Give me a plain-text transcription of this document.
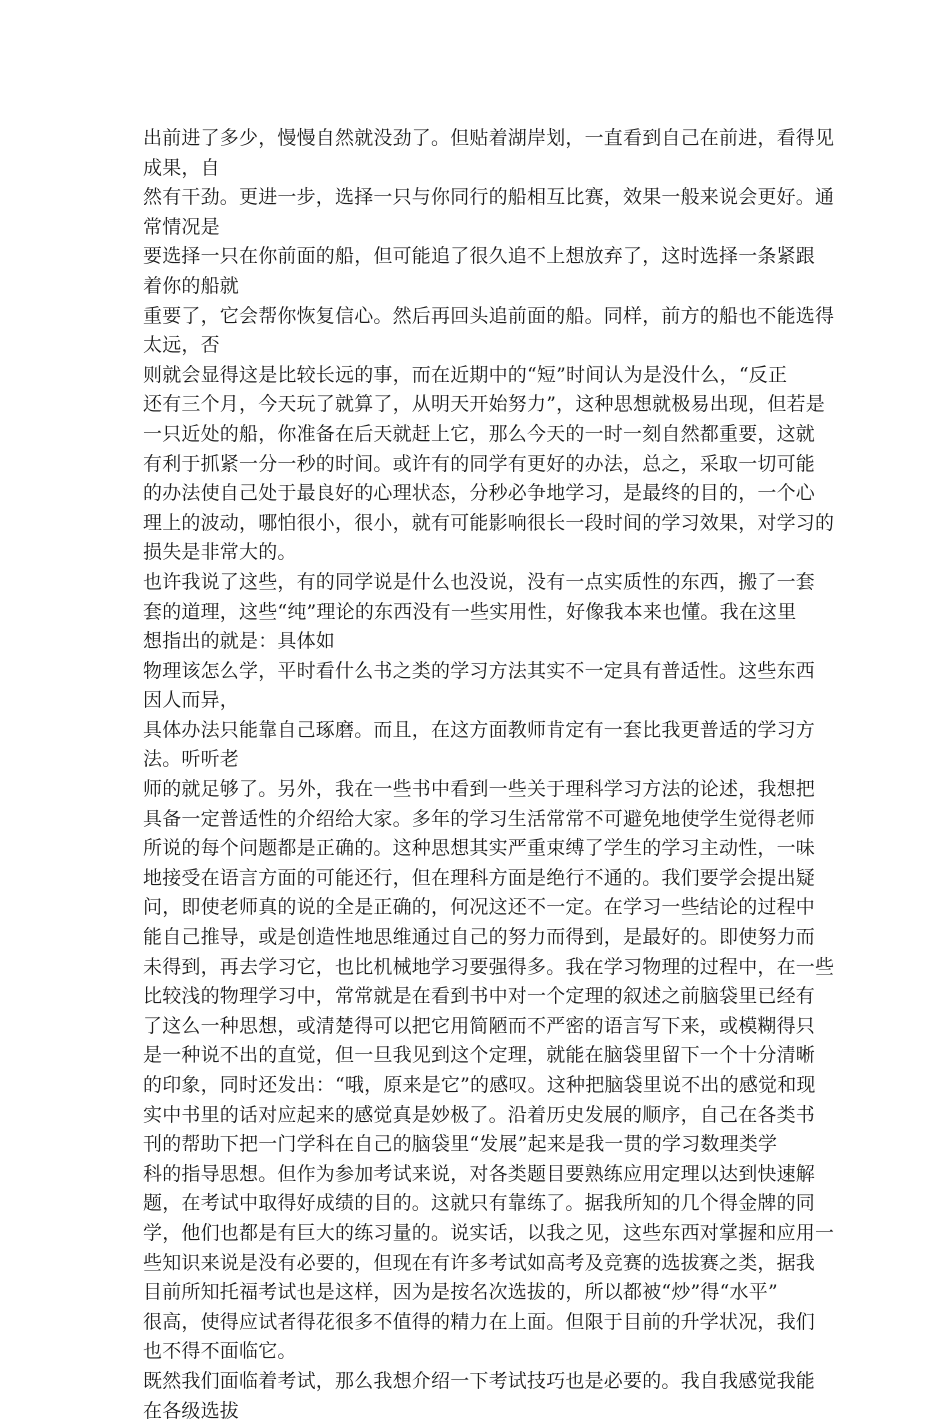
出前进了多少，慢慢自然就没劲了。但贴着湖岸划，一直看到自己在前进，看得见
成果，自
然有干劲。更进一步，选择一只与你同行的船相互比赛，效果一般来说会更好。通
常情况是
要选择一只在你前面的船，但可能追了很久追不上想放弃了，这时选择一条紧跟
着你的船就
重要了，它会帮你恢复信心。然后再回头追前面的船。同样，前方的船也不能选得
太远，否
则就会显得这是比较长远的事，而在近期中的“短”时间认为是没什么，“反正
还有三个月，今天玩了就算了，从明天开始努力”，这种思想就极易出现，但若是
一只近处的船，你准备在后天就赶上它，那么今天的一时一刻自然都重要，这就
有利于抓紧一分一秒的时间。或许有的同学有更好的办法，总之，采取一切可能
的办法使自己处于最良好的心理状态，分秒必争地学习，是最终的目的，一个心
理上的波动，哪怕很小，很小，就有可能影响很长一段时间的学习效果，对学习的
损失是非常大的。
也许我说了这些，有的同学说是什么也没说，没有一点实质性的东西，搬了一套
套的道理，这些“纯”理论的东西没有一些实用性，好像我本来也懂。我在这里
想指出的就是：具体如
物理该怎么学，平时看什么书之类的学习方法其实不一定具有普适性。这些东西
因人而异，
具体办法只能靠自己琢磨。而且，在这方面教师肯定有一套比我更普适的学习方
法。听听老
师的就足够了。另外，我在一些书中看到一些关于理科学习方法的论述，我想把
具备一定普适性的介绍给大家。多年的学习生活常常不可避免地使学生觉得老师
所说的每个问题都是正确的。这种思想其实严重束缚了学生的学习主动性，一味
地接受在语言方面的可能还行，但在理科方面是绝行不通的。我们要学会提出疑
问，即使老师真的说的全是正确的，何况这还不一定。在学习一些结论的过程中
能自己推导，或是创造性地思维通过自己的努力而得到，是最好的。即使努力而
未得到，再去学习它，也比机械地学习要强得多。我在学习物理的过程中，在一些
比较浅的物理学习中，常常就是在看到书中对一个定理的叙述之前脑袋里已经有
了这么一种思想，或清楚得可以把它用简陋而不严密的语言写下来，或模糊得只
是一种说不出的直觉，但一旦我见到这个定理，就能在脑袋里留下一个十分清晰
的印象，同时还发出：“哦，原来是它”的感叹。这种把脑袋里说不出的感觉和现
实中书里的话对应起来的感觉真是妙极了。沿着历史发展的顺序，自己在各类书
刊的帮助下把一门学科在自己的脑袋里“发展”起来是我一贯的学习数理类学
科的指导思想。但作为参加考试来说，对各类题目要熟练应用定理以达到快速解
题，在考试中取得好成绩的目的。这就只有靠练了。据我所知的几个得金牌的同
学，他们也都是有巨大的练习量的。说实话，以我之见，这些东西对掌握和应用一
些知识来说是没有必要的，但现在有许多考试如高考及竞赛的选拔赛之类，据我
目前所知托福考试也是这样，因为是按名次选拔的，所以都被“炒”得“水平”
很高，使得应试者得花很多不值得的精力在上面。但限于目前的升学状况，我们
也不得不面临它。
既然我们面临着考试，那么我想介绍一下考试技巧也是必要的。我自我感觉我能
在各级选拔
